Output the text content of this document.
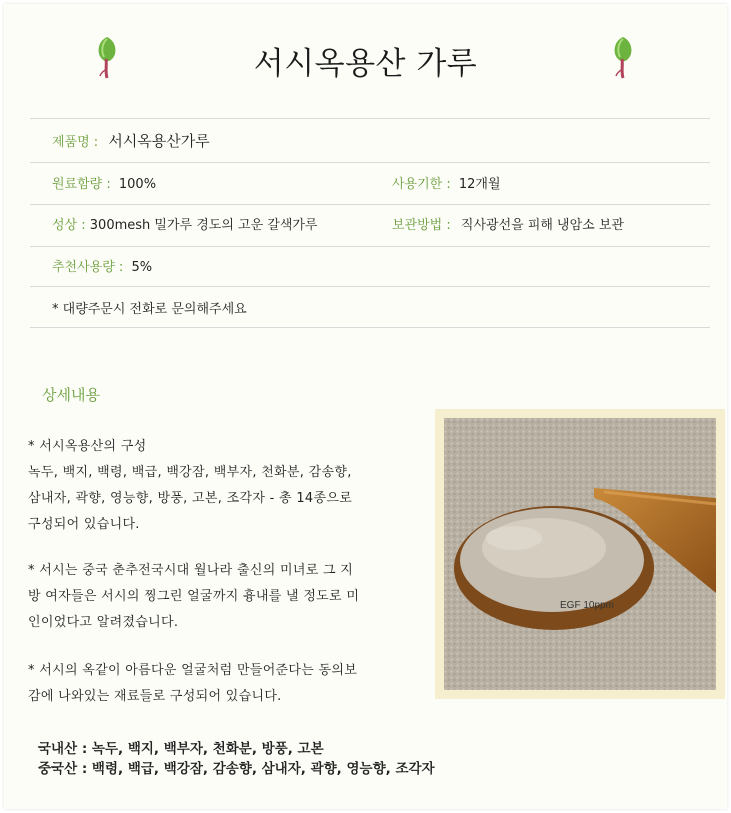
서시옥용산 가루
제품명 : 서시옥용산가루
원료함량 : 100%	사용기한 : 12개월
성상 : 300mesh 밀가루 경도의 고운 갈색가루	보관방법 : 직사광선을 피해 냉암소 보관
추천사용량 : 5%
* 대량주문시 전화로 문의해주세요
상세내용
* 서시옥용산의 구성
녹두, 백지, 백령, 백급, 백강잠, 백부자, 천화분, 감송향,
삼내자, 곽향, 영능향, 방풍, 고본, 조각자 - 총 14종으로
구성되어 있습니다.
* 서시는 중국 춘추전국시대 월나라 출신의 미녀로 그 지
방 여자들은 서시의 찡그린 얼굴까지 흉내를 낼 정도로 미
인이었다고 알려졌습니다.
* 서시의 옥같이 아름다운 얼굴처럼 만들어준다는 동의보
감에 나와있는 재료들로 구성되어 있습니다.
EGF 10ppm
국내산 : 녹두, 백지, 백부자, 천화분, 방풍, 고본
중국산 : 백령, 백급, 백강잠, 감송향, 삼내자, 곽향, 영능향, 조각자
